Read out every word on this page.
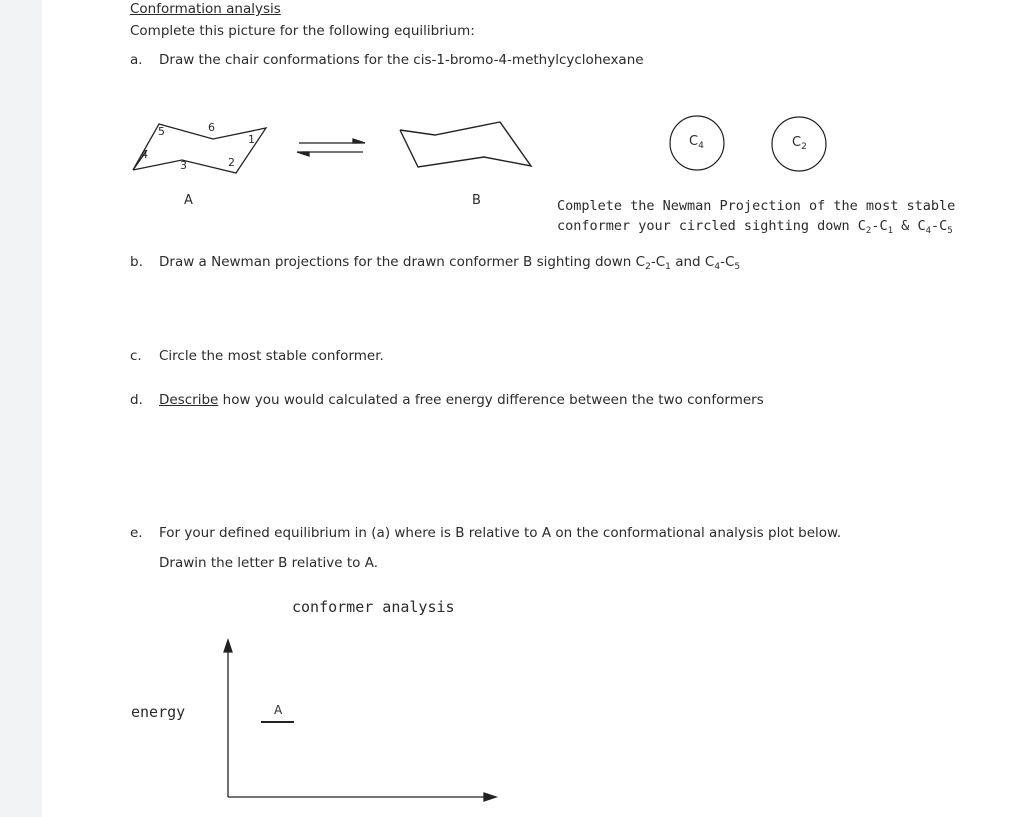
Conformation analysis
Complete this picture for the following equilibrium:
a. Draw the chair conformations for the cis-1-bromo-4-methylcyclohexane
5	6
1
4
3	2
A	B
$C_4$	$C_2$
Complete the Newman Projection of the most stable
conformer your circled sighting down $C_2-C_1$ & $C_4-C_5$
b. Draw a Newman projections for the drawn conformer B sighting down $C_2-C_1$ and $C_4-C_5$
c. Circle the most stable conformer.
d. Describe how you would calculated a free energy difference between the two conformers
e. For your defined equilibrium in (a) where is B relative to A on the conformational analysis plot below.
Drawin the letter B relative to A.
conformer analysis
energy	A
